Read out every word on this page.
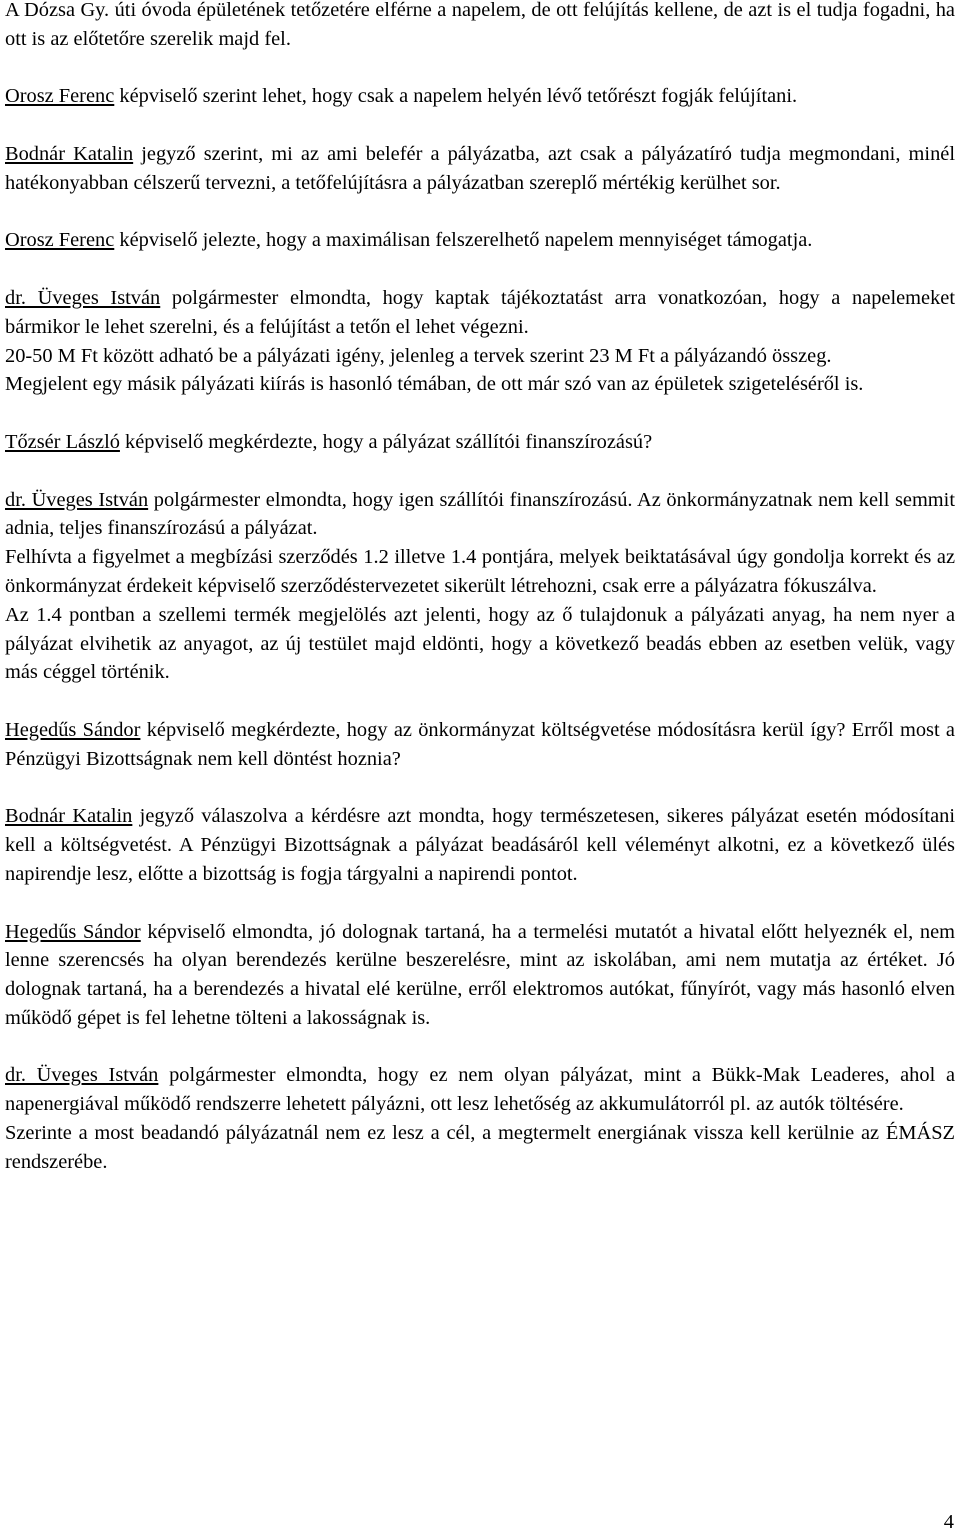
A Dózsa Gy. úti óvoda épületének tetőzetére elférne a napelem, de ott felújítás kellene, de azt is el tudja fogadni, ha ott is az előtetőre szerelik majd fel.

Orosz Ferenc képviselő szerint lehet, hogy csak a napelem helyén lévő tetőrészt fogják felújítani.

Bodnár Katalin jegyző szerint, mi az ami belefér a pályázatba, azt csak a pályázatíró tudja megmondani, minél hatékonyabban célszerű tervezni, a tetőfelújításra a pályázatban szereplő mértékig kerülhet sor.

Orosz Ferenc képviselő jelezte, hogy a maximálisan felszerelhető napelem mennyiséget támogatja.

dr. Üveges István polgármester elmondta, hogy kaptak tájékoztatást arra vonatkozóan, hogy a napelemeket bármikor le lehet szerelni, és a felújítást a tetőn el lehet végezni.

20-50 M Ft között adható be a pályázati igény, jelenleg a tervek szerint 23 M Ft a pályázandó összeg.

Megjelent egy másik pályázati kiírás is hasonló témában, de ott már szó van az épületek szigeteléséről is.

Tőzsér László képviselő megkérdezte, hogy a pályázat szállítói finanszírozású?

dr. Üveges István polgármester elmondta, hogy igen szállítói finanszírozású. Az önkormányzatnak nem kell semmit adnia, teljes finanszírozású a pályázat.

Felhívta a figyelmet a megbízási szerződés 1.2 illetve 1.4 pontjára, melyek beiktatásával úgy gondolja korrekt és az önkormányzat érdekeit képviselő szerződéstervezetet sikerült létrehozni, csak erre a pályázatra fókuszálva.

Az 1.4 pontban a szellemi termék megjelölés azt jelenti, hogy az ő tulajdonuk a pályázati anyag, ha nem nyer a pályázat elvihetik az anyagot, az új testület majd eldönti, hogy a következő beadás ebben az esetben velük, vagy más céggel történik.

Hegedűs Sándor képviselő megkérdezte, hogy az önkormányzat költségvetése módosításra kerül így? Erről most a Pénzügyi Bizottságnak nem kell döntést hoznia?

Bodnár Katalin jegyző válaszolva a kérdésre azt mondta, hogy természetesen, sikeres pályázat esetén módosítani kell a költségvetést. A Pénzügyi Bizottságnak a pályázat beadásáról kell véleményt alkotni, ez a következő ülés napirendje lesz, előtte a bizottság is fogja tárgyalni a napirendi pontot.

Hegedűs Sándor képviselő elmondta, jó dolognak tartaná, ha a termelési mutatót a hivatal előtt helyeznék el, nem lenne szerencsés ha olyan berendezés kerülne beszerelésre, mint az iskolában, ami nem mutatja az értéket. Jó dolognak tartaná, ha a berendezés a hivatal elé kerülne, erről elektromos autókat, fűnyírót, vagy más hasonló elven működő gépet is fel lehetne tölteni a lakosságnak is.

dr. Üveges István polgármester elmondta, hogy ez nem olyan pályázat, mint a Bükk-Mak Leaderes, ahol a napenergiával működő rendszerre lehetett pályázni, ott lesz lehetőség az akkumulátorról pl. az autók töltésére.

Szerinte a most beadandó pályázatnál nem ez lesz a cél, a megtermelt energiának vissza kell kerülnie az ÉMÁSZ rendszerébe.

4
